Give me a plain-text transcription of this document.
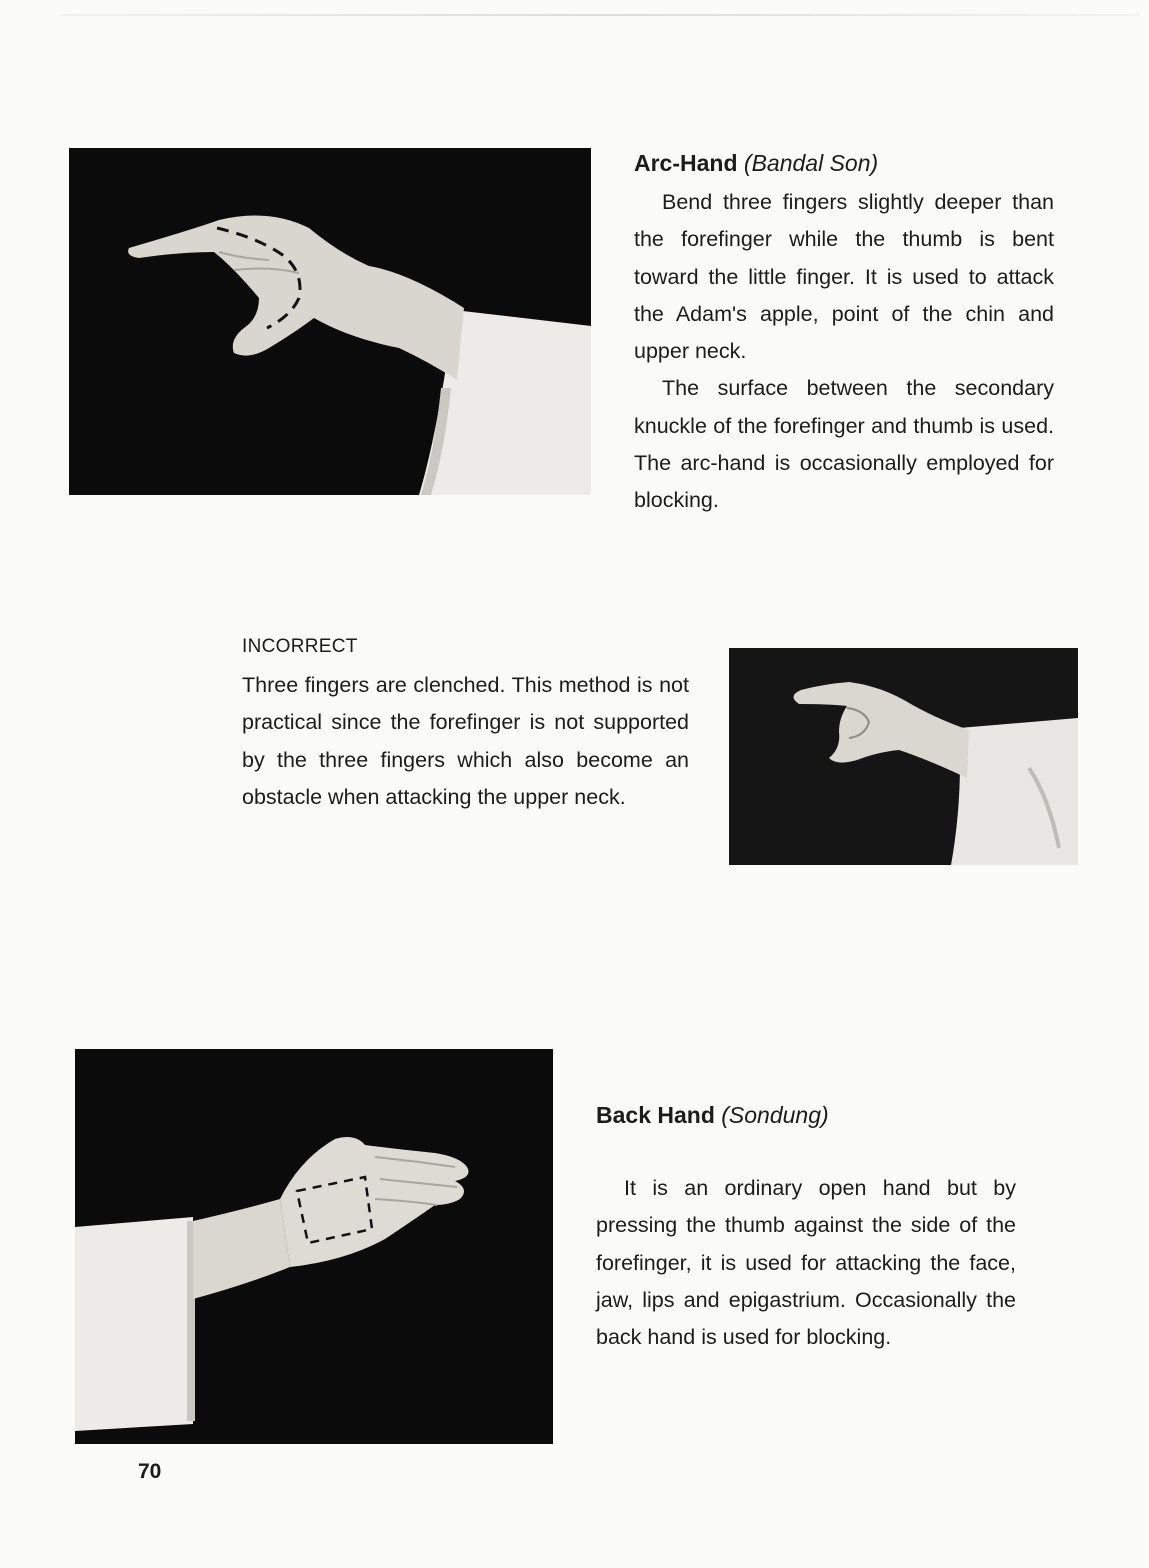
Arc-Hand (Bandal Son)

Bend three fingers slightly deeper than the forefinger while the thumb is bent toward the little finger. It is used to attack the Adam's apple, point of the chin and upper neck.

The surface between the secondary knuckle of the forefinger and thumb is used. The arc-hand is occasionally employed for blocking.

INCORRECT

Three fingers are clenched. This method is not practical since the forefinger is not supported by the three fingers which also become an obstacle when attacking the upper neck.

Back Hand (Sondung)

It is an ordinary open hand but by pressing the thumb against the side of the forefinger, it is used for attacking the face, jaw, lips and epigastrium. Occasionally the back hand is used for blocking.

70
